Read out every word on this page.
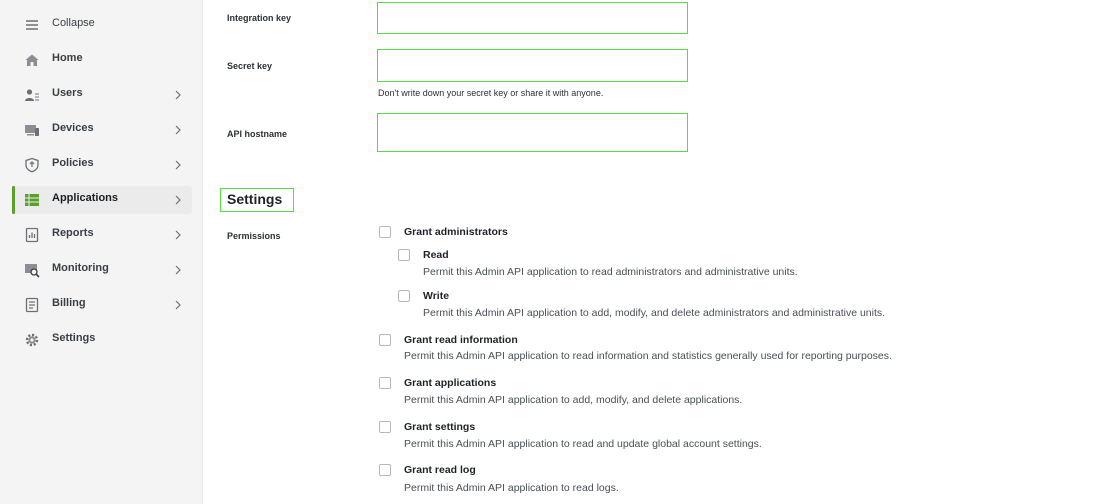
Collapse
Home
Users
Devices
Policies
Applications
Reports
Monitoring
Billing
Settings
Integration key
Secret key
Don't write down your secret key or share it with anyone.
API hostname
Settings
Permissions	Grant administrators
Read
Permit this Admin API application to read administrators and administrative units.
Write
Permit this Admin API application to add, modify, and delete administrators and administrative units.
Grant read information
Permit this Admin API application to read information and statistics generally used for reporting purposes.
Grant applications
Permit this Admin API application to add, modify, and delete applications.
Grant settings
Permit this Admin API application to read and update global account settings.
Grant read log
Permit this Admin API application to read logs.
